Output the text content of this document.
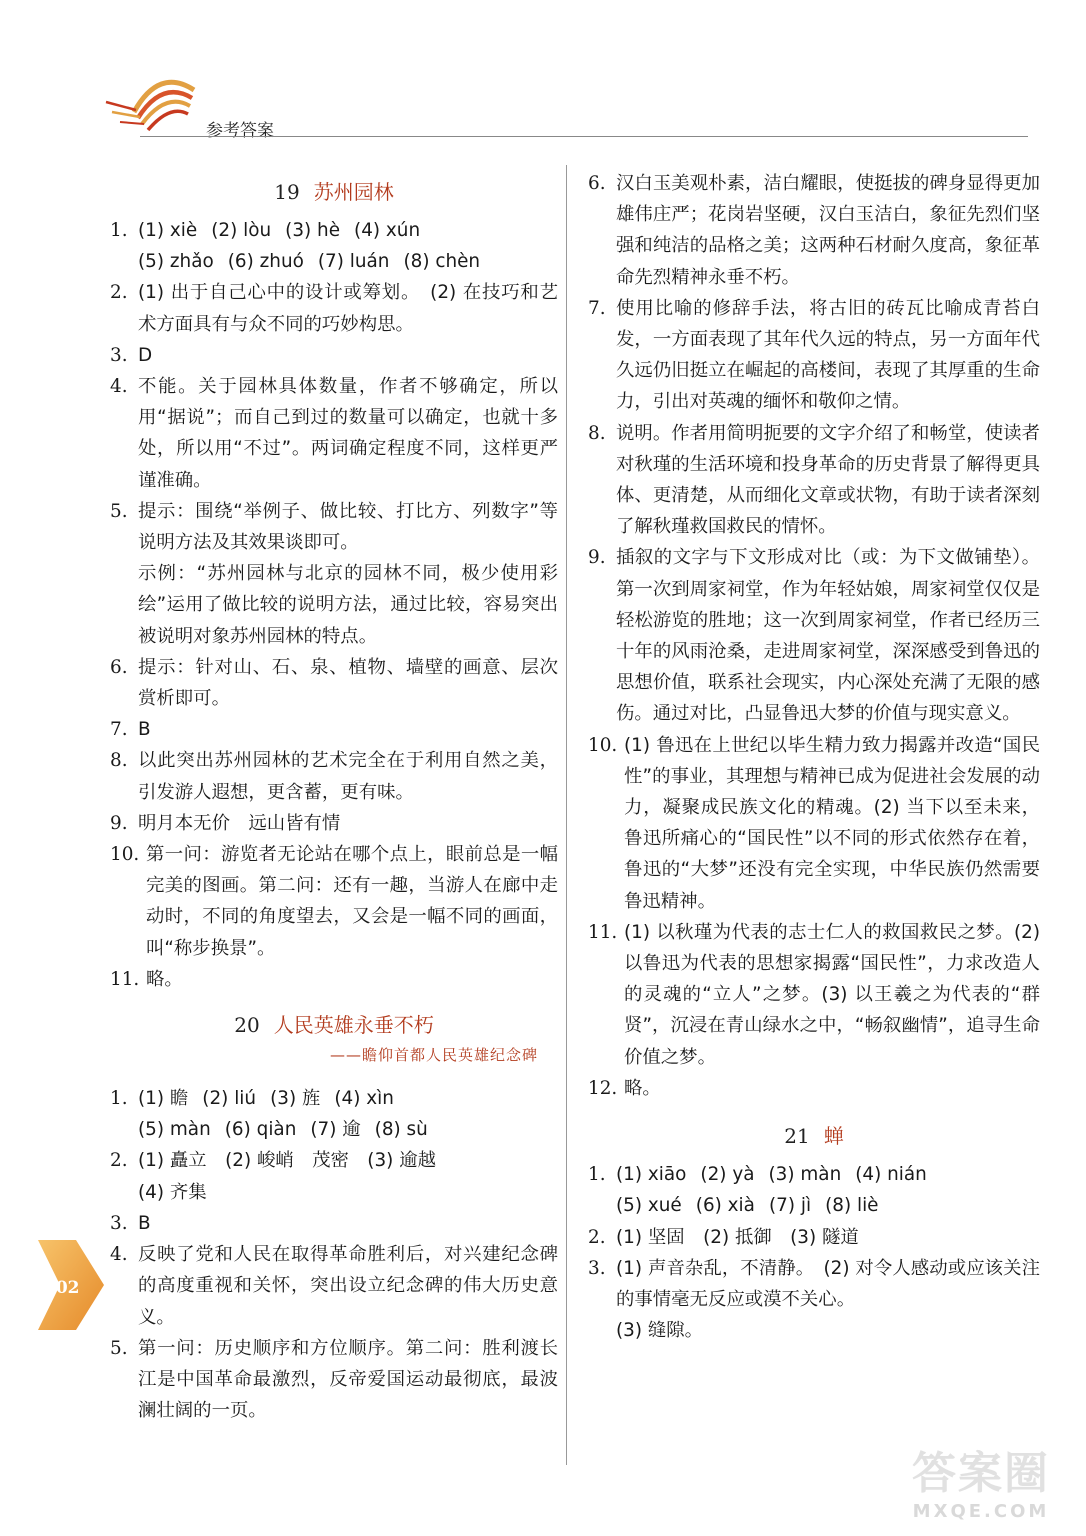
参考答案
19 苏州园林
1. (1) xiè (2) lòu (3) hè (4) xún
(5) zhǎo (6) zhuó (7) luán (8) chèn
2. (1) 出于自己心中的设计或筹划。　(2) 在技巧和艺术方面具有与众不同的巧妙构思。
3. D
4. 不能。关于园林具体数量，作者不够确定，所以用“据说”；而自己到过的数量可以确定，也就十多处，所以用“不过”。两词确定程度不同，这样更严谨准确。
5. 提示：围绕“举例子、做比较、打比方、列数字”等说明方法及其效果谈即可。
示例：“苏州园林与北京的园林不同，极少使用彩绘”运用了做比较的说明方法，通过比较，容易突出被说明对象苏州园林的特点。
6. 提示：针对山、石、泉、植物、墙壁的画意、层次赏析即可。
7. B
8. 以此突出苏州园林的艺术完全在于利用自然之美，引发游人遐想，更含蓄，更有味。
9. 明月本无价　远山皆有情
10. 第一问：游览者无论站在哪个点上，眼前总是一幅完美的图画。第二问：还有一趣，当游人在廊中走动时，不同的角度望去，又会是一幅不同的画面，叫“称步换景”。
11. 略。
20 人民英雄永垂不朽
——瞻仰首都人民英雄纪念碑
1. (1) 瞻 (2) liú (3) 旌 (4) xìn
(5) màn (6) qiàn (7) 逾 (8) sù
2. (1) 矗立　(2) 峻峭　茂密　(3) 逾越
(4) 齐集
3. B
4. 反映了党和人民在取得革命胜利后，对兴建纪念碑的高度重视和关怀，突出设立纪念碑的伟大历史意义。
5. 第一问：历史顺序和方位顺序。第二问：胜利渡长江是中国革命最激烈，反帝爱国运动最彻底，最波澜壮阔的一页。
6. 汉白玉美观朴素，洁白耀眼，使挺拔的碑身显得更加雄伟庄严；花岗岩坚硬，汉白玉洁白，象征先烈们坚强和纯洁的品格之美；这两种石材耐久度高，象征革命先烈精神永垂不朽。
7. 使用比喻的修辞手法，将古旧的砖瓦比喻成青苔白发，一方面表现了其年代久远的特点，另一方面年代久远仍旧挺立在崛起的高楼间，表现了其厚重的生命力，引出对英魂的缅怀和敬仰之情。
8. 说明。作者用简明扼要的文字介绍了和畅堂，使读者对秋瑾的生活环境和投身革命的历史背景了解得更具体、更清楚，从而细化文章或状物，有助于读者深刻了解秋瑾救国救民的情怀。
9. 插叙的文字与下文形成对比（或：为下文做铺垫）。第一次到周家祠堂，作为年轻姑娘，周家祠堂仅仅是轻松游览的胜地；这一次到周家祠堂，作者已经历三十年的风雨沧桑，走进周家祠堂，深深感受到鲁迅的思想价值，联系社会现实，内心深处充满了无限的感伤。通过对比，凸显鲁迅大梦的价值与现实意义。
10. (1) 鲁迅在上世纪以毕生精力致力揭露并改造“国民性”的事业，其理想与精神已成为促进社会发展的动力，凝聚成民族文化的精魂。(2) 当下以至未来，鲁迅所痛心的“国民性”以不同的形式依然存在着，鲁迅的“大梦”还没有完全实现，中华民族仍然需要鲁迅精神。
11. (1) 以秋瑾为代表的志士仁人的救国救民之梦。(2) 以鲁迅为代表的思想家揭露“国民性”，力求改造人的灵魂的“立人”之梦。(3) 以王羲之为代表的“群贤”，沉浸在青山绿水之中，“畅叙幽情”，追寻生命价值之梦。
12. 略。
21 蝉
1. (1) xiāo (2) yà (3) màn (4) nián
(5) xué (6) xià (7) jì (8) liè
2. (1) 坚固　(2) 抵御　(3) 隧道
3. (1) 声音杂乱，不清静。　(2) 对令人感动或应该关注的事情毫无反应或漠不关心。
(3) 缝隙。
202
答案圈
MXQE.COM
